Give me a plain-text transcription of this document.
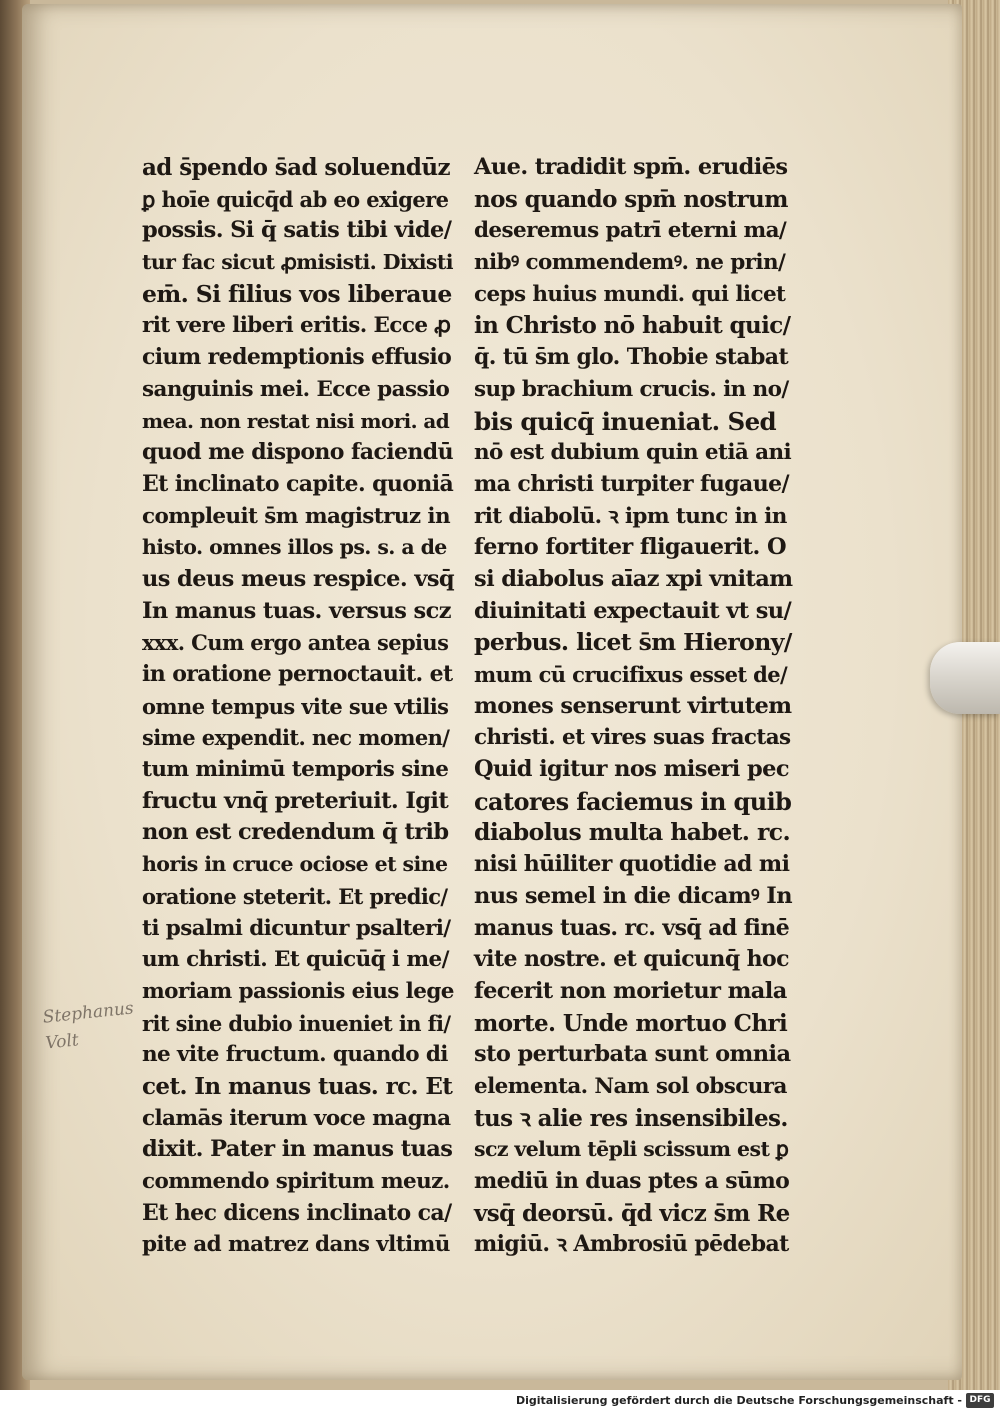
ad s̄pendo s̄ad soluendūz
ꝑ hoīe quicq̄d ab eo exigere
possis. Si q̄ satis tibi vide/
tur fac sicut ꝓmisisti. Dixisti
em̄. Si filius vos liberaue
rit vere liberi eritis. Ecce ꝓ
cium redemptionis effusio
sanguinis mei. Ecce passio
mea. non restat nisi mori. ad
quod me dispono faciendū
Et inclinato capite. quoniā
compleuit s̄m magistruz in
histo. omnes illos ps. s. a de
us deus meus respice. vsq̄
In manus tuas. versus scz
xxx. Cum ergo antea sepius
in oratione pernoctauit. et
omne tempus vite sue vtilis
sime expendit. nec momen/
tum minimū temporis sine
fructu vnq̄ preteriuit. Igit
non est credendum q̄ trib
horis in cruce ociose et sine
oratione steterit. Et predic/
ti psalmi dicuntur psalteri/
um christi. Et quicūq̄ i me/
moriam passionis eius lege
rit sine dubio inueniet in fi/
ne vite fructum. quando di
cet. In manus tuas. rc. Et
clamās iterum voce magna
dixit. Pater in manus tuas
commendo spiritum meuz.
Et hec dicens inclinato ca/
pite ad matrez dans vltimū
Aue. tradidit spm̄. erudiēs
nos quando spm̄ nostrum
deseremus patrī eterni ma/
nibꝰ commendemꝰ. ne prin/
ceps huius mundi. qui licet
in Christo nō habuit quic/
q̄. tū s̄m glo. Thobie stabat
sup brachium crucis. in no/
bis quicq̄ inueniat. Sed
nō est dubium quin etiā ani
ma christi turpiter fugaue/
rit diabolū. ꝛ ipm tunc in in
ferno fortiter fligauerit. O
si diabolus aīaz xpi vnitam
diuinitati expectauit vt su/
perbus. licet s̄m Hierony/
mum cū crucifixus esset de/
mones senserunt virtutem
christi. et vires suas fractas
Quid igitur nos miseri pec
catores faciemus in quib
diabolus multa habet. rc.
nisi hūiliter quotidie ad mi
nus semel in die dicamꝰ In
manus tuas. rc. vsq̄ ad finē
vite nostre. et quicunq̄ hoc
fecerit non morietur mala
morte. Unde mortuo Chri
sto perturbata sunt omnia
elementa. Nam sol obscura
tus ꝛ alie res insensibiles.
scz velum tēpli scissum est ꝑ
mediū in duas ptes a sūmo
vsq̄ deorsū. q̄d vicz s̄m Re
migiū. ꝛ Ambrosiū pēdebat
Stephanus
Volt
Digitalisierung gefördert durch die Deutsche Forschungsgemeinschaft - DFG
